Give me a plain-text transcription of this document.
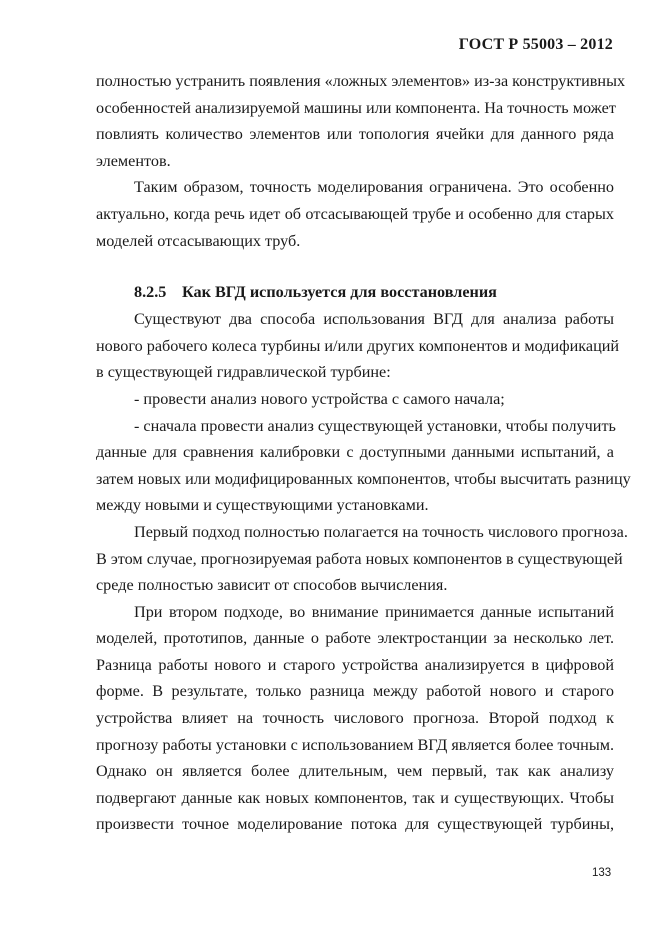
ГОСТ Р 55003 – 2012
полностью устранить появления «ложных элементов» из-за конструктивных
особенностей анализируемой машины или компонента. На точность может
повлиять количество элементов или топология ячейки для данного ряда
элементов.
Таким образом, точность моделирования ограничена. Это особенно
актуально, когда речь идет об отсасывающей трубе и особенно для старых
моделей отсасывающих труб.
8.2.5 Как ВГД используется для восстановления
Существуют два способа использования ВГД для анализа работы
нового рабочего колеса турбины и/или других компонентов и модификаций
в существующей гидравлической турбине:
- провести анализ нового устройства с самого начала;
- сначала провести анализ существующей установки, чтобы получить
данные для сравнения калибровки с доступными данными испытаний, а
затем новых или модифицированных компонентов, чтобы высчитать разницу
между новыми и существующими установками.
Первый подход полностью полагается на точность числового прогноза.
В этом случае, прогнозируемая работа новых компонентов в существующей
среде полностью зависит от способов вычисления.
При втором подходе, во внимание принимается данные испытаний
моделей, прототипов, данные о работе электростанции за несколько лет.
Разница работы нового и старого устройства анализируется в цифровой
форме. В результате, только разница между работой нового и старого
устройства влияет на точность числового прогноза. Второй подход к
прогнозу работы установки с использованием ВГД является более точным.
Однако он является более длительным, чем первый, так как анализу
подвергают данные как новых компонентов, так и существующих. Чтобы
произвести точное моделирование потока для существующей турбины,
133
